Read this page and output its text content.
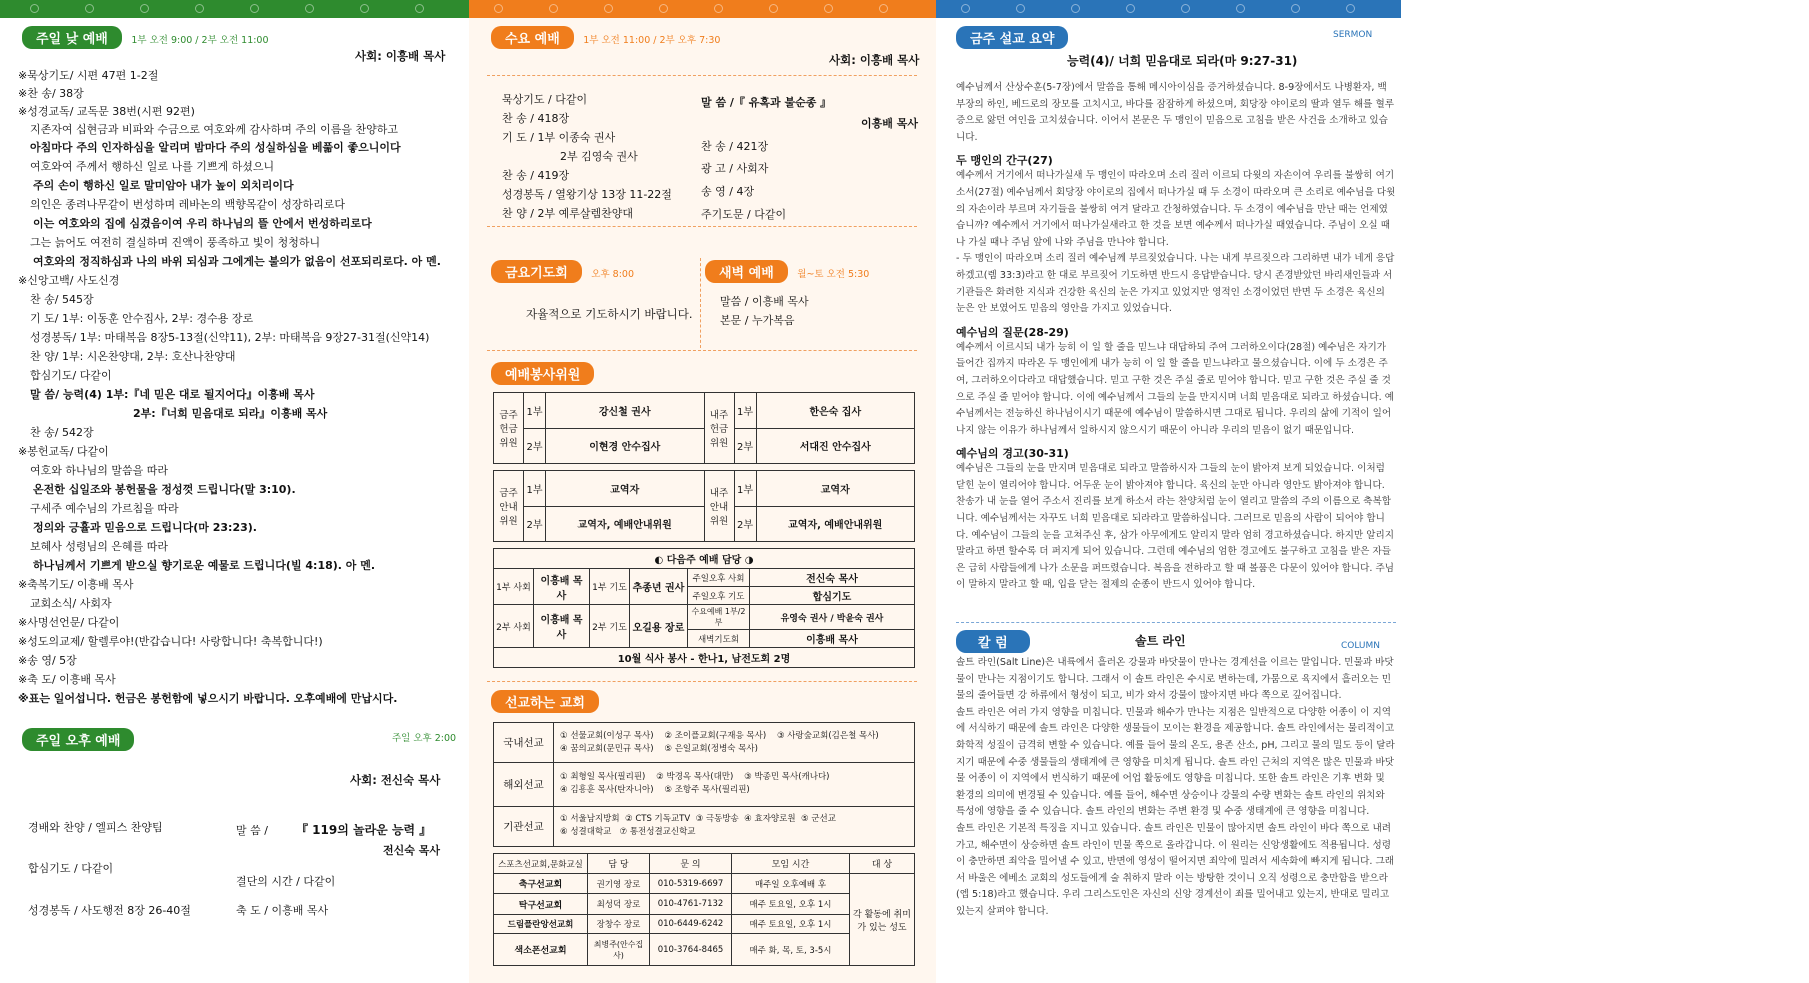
주일 낮 예배 1부 오전 9:00 / 2부 오전 11:00
사회: 이흥배 목사
※묵상기도/ 시편 47편 1-2절
※찬 송/ 38장
※성경교독/ 교독문 38번(시편 92편)
지존자여 십현금과 비파와 수금으로 여호와께 감사하며 주의 이름을 찬양하고
아침마다 주의 인자하심을 알리며 밤마다 주의 성실하심을 베풂이 좋으니이다
여호와여 주께서 행하신 일로 나를 기쁘게 하셨으니
주의 손이 행하신 일로 말미암아 내가 높이 외치리이다
의인은 종려나무같이 번성하며 레바논의 백향목같이 성장하리로다
이는 여호와의 집에 심겼음이여 우리 하나님의 뜰 안에서 번성하리로다
그는 늙어도 여전히 결실하며 진액이 풍족하고 빛이 청청하니
여호와의 정직하심과 나의 바위 되심과 그에게는 불의가 없음이 선포되리로다. 아 멘.
※신앙고백/ 사도신경
찬 송/ 545장
기 도/ 1부: 이동훈 안수집사, 2부: 경수용 장로
성경봉독/ 1부: 마태복음 8장5-13절(신약11), 2부: 마태복음 9장27-31절(신약14)
찬 양/ 1부: 시온찬양대, 2부: 호산나찬양대
합심기도/ 다같이
말 씀/ 능력(4) 1부:『네 믿은 대로 될지어다』이흥배 목사
2부:『너희 믿음대로 되라』이흥배 목사
찬 송/ 542장
※봉헌교독/ 다같이
여호와 하나님의 말씀을 따라
온전한 십일조와 봉헌물을 정성껏 드립니다(말 3:10).
구세주 예수님의 가르침을 따라
정의와 긍휼과 믿음으로 드립니다(마 23:23).
보혜사 성령님의 은혜를 따라
하나님께서 기쁘게 받으실 향기로운 예물로 드립니다(빌 4:18). 아 멘.
※축복기도/ 이흥배 목사
교회소식/ 사회자
※사명선언문/ 다같이
※성도의교제/ 할렐루야!(반갑습니다! 사랑합니다! 축복합니다!)
※송 영/ 5장
※축 도/ 이흥배 목사
※표는 일어섭니다. 헌금은 봉헌함에 넣으시기 바랍니다. 오후예배에 만납시다.
주일 오후 예배	주일 오후 2:00
사회: 전신숙 목사
경배와 찬양 / 엘피스 찬양팀	말 씀 / 『 119의 놀라운 능력 』
전신숙 목사
합심기도 / 다같이
결단의 시간 / 다같이
성경봉독 / 사도행전 8장 26-40절	축 도 / 이흥배 목사
수요 예배 1부 오전 11:00 / 2부 오후 7:30
사회: 이흥배 목사
묵상기도 / 다같이
찬 송 / 418장
기 도 / 1부 이종숙 권사
2부 김영숙 권사
찬 송 / 419장
성경봉독 / 열왕기상 13장 11-22절
찬 양 / 2부 예루살렘찬양대
말 씀 /『 유혹과 불순종 』
이흥배 목사
찬 송 / 421장
광 고 / 사회자
송 영 / 4장
주기도문 / 다같이
금요기도회 오후 8:00
자율적으로 기도하시기 바랍니다.
새벽 예배 월~토 오전 5:30
말씀 / 이흥배 목사
본문 / 누가복음
예배봉사위원
금주 헌금 위원	1부	강신철 권사	내주 헌금 위원	1부	한은숙 집사
	2부	이현경 안수집사		2부	서대진 안수집사
금주 안내 위원	1부	교역자	내주 안내 위원	1부	교역자
	2부	교역자, 예배안내위원		2부	교역자, 예배안내위원
◐ 다음주 예배 담당 ◑					
1부 사회	이흥배 목사	1부 기도	추종년 권사	주일오후 사회	전신숙 목사
				주일오후 기도	합심기도
2부 사회	이흥배 목사	2부 기도	오길용 장로	수요예배 1부/2부	유영숙 권사 / 박윤숙 권사
				새벽기도회	이흥배 목사
10월 식사 봉사 - 한나1, 남전도회 2명					
선교하는 교회
국내선교	① 선물교회(이성구 목사) ② 조이플교회(구재응 목사) ③ 사랑숲교회(김은철 목사)
④ 꿈의교회(문민규 목사) ⑤ 은일교회(정병숙 목사)
해외선교	① 최형일 목사(필리핀) ② 박경옥 목사(대만) ③ 박종민 목사(캐나다)
④ 김흥훈 목사(탄자니아) ⑤ 조항주 목사(필리핀)
기관선교	① 서울남지방회 ② CTS 기독교TV ③ 극동방송 ④ 효자양로원 ⑤ 군선교
⑥ 성결대학교 ⑦ 통전성결교신학교
스포츠선교회,문화교실	담 당	문 의	모임 시간	대 상
축구선교회	권기영 장로	010-5319-6697	매주일 오후예배 후	각 활동에 취미가 있는 성도
탁구선교회	최성덕 장로	010-4761-7132	매주 토요일, 오후 1시	
드림플란앙선교회	장창수 장로	010-6449-6242	매주 토요일, 오후 1시	
색소폰선교회	최병주(안수집사)	010-3764-8465	매주 화, 목, 토, 3-5시	
금주 설교 요약	SERMON
능력(4)/ 너희 믿음대로 되라(마 9:27-31)

예수님께서 산상수훈(5-7장)에서 말씀을 통해 메시아이심을 증거하셨습니다. 8-9장에서도 나병환자, 백부장의 하인, 베드로의 장모를 고치시고, 바다를 잠잠하게 하셨으며, 회당장 야이로의 딸과 열두 해를 혈루증으로 앓던 여인을 고치셨습니다. 이어서 본문은 두 맹인이 믿음으로 고침을 받은 사건을 소개하고 있습니다.

두 맹인의 간구(27)

예수께서 거기에서 떠나가실새 두 맹인이 따라오며 소리 질러 이르되 다윗의 자손이여 우리를 불쌍히 여기소서(27절) 예수님께서 회당장 야이로의 집에서 떠나가실 때 두 소경이 따라오며 큰 소리로 예수님을 다윗의 자손이라 부르며 자기들을 불쌍히 여겨 달라고 간청하였습니다. 두 소경이 예수님을 만난 때는 언제였습니까? 예수께서 거기에서 떠나가실새라고 한 것을 보면 예수께서 떠나가실 때였습니다. 주님이 오실 때나 가실 때나 주님 앞에 나와 주님을 만나야 합니다.
- 두 맹인이 따라오며 소리 질러 예수님께 부르짖었습니다. 나는 내게 부르짖으라 그리하면 내가 네게 응답하겠고(렘 33:3)라고 한 대로 부르짖어 기도하면 반드시 응답받습니다. 당시 존경받았던 바리새인들과 서기관들은 화려한 지식과 건강한 육신의 눈은 가지고 있었지만 영적인 소경이었던 반면 두 소경은 육신의 눈은 안 보였어도 믿음의 영안을 가지고 있었습니다.

예수님의 질문(28-29)

예수께서 이르시되 내가 능히 이 일 할 줄을 믿느냐 대답하되 주여 그러하오이다(28절) 예수님은 자기가 들어간 집까지 따라온 두 맹인에게 내가 능히 이 일 할 줄을 믿느냐라고 물으셨습니다. 이에 두 소경은 주여, 그러하오이다라고 대답했습니다. 믿고 구한 것은 주실 줄로 믿어야 합니다. 믿고 구한 것은 주실 줄 것으로 주실 줄 믿어야 합니다. 이에 예수님께서 그들의 눈을 만지시며 너희 믿음대로 되라고 하셨습니다. 예수님께서는 전능하신 하나님이시기 때문에 예수님이 말씀하시면 그대로 됩니다. 우리의 삶에 기적이 일어나지 않는 이유가 하나님께서 일하시지 않으시기 때문이 아니라 우리의 믿음이 없기 때문입니다.

예수님의 경고(30-31)

예수님은 그들의 눈을 만지며 믿음대로 되라고 말씀하시자 그들의 눈이 밝아져 보게 되었습니다. 이처럼 닫힌 눈이 열리어야 합니다. 어두운 눈이 밝아져야 합니다. 육신의 눈만 아니라 영안도 밝아져야 합니다. 찬송가 내 눈을 열어 주소서 진리를 보게 하소서 라는 찬양처럼 눈이 열리고 말씀의 주의 이름으로 축복합니다. 예수님께서는 자꾸도 너희 믿음대로 되라라고 말씀하십니다. 그러므로 믿음의 사람이 되어야 합니다. 예수님이 그들의 눈을 고쳐주신 후, 삼가 아무에게도 알리지 말라 엄히 경고하셨습니다. 하지만 알리지 말라고 하면 할수록 더 퍼지게 되어 있습니다. 그런데 예수님의 엄한 경고에도 불구하고 고침을 받은 자들은 급히 사람들에게 나가 소문을 퍼뜨렸습니다. 복음을 전하라고 할 때 볼품은 다문이 있어야 합니다. 주님이 말하지 말라고 할 때, 입을 닫는 절제의 순종이 반드시 있어야 합니다.

칼 럼	COLUMN
솔트 라인

솔트 라인(Salt Line)은 내륙에서 흘러온 강물과 바닷물이 만나는 경계선을 이르는 말입니다. 민물과 바닷물이 만나는 지점이기도 합니다. 그래서 이 솔트 라인은 수시로 변하는데, 가뭄으로 육지에서 흘러오는 민물의 줄어들면 강 하류에서 형성이 되고, 비가 와서 강물이 많아지면 바다 쪽으로 깊어집니다.

솔트 라인은 여러 가지 영향을 미칩니다. 민물과 해수가 만나는 지점은 일반적으로 다양한 어종이 이 지역에 서식하기 때문에 솔트 라인은 다양한 생물들이 모이는 환경을 제공합니다. 솔트 라인에서는 물리적이고 화학적 성질이 급격히 변할 수 있습니다. 예를 들어 물의 온도, 용존 산소, pH, 그리고 물의 밀도 등이 달라지기 때문에 수중 생물들의 생태계에 큰 영향을 미치게 됩니다. 솔트 라인 근처의 지역은 많은 민물과 바닷물 어종이 이 지역에서 번식하기 때문에 어업 활동에도 영향을 미칩니다. 또한 솔트 라인은 기후 변화 및 환경의 의미에 변경될 수 있습니다. 예를 들어, 해수면 상승이나 강물의 수량 변화는 솔트 라인의 위치와 특성에 영향을 줄 수 있습니다. 솔트 라인의 변화는 주변 환경 및 수중 생태계에 큰 영향을 미칩니다.

솔트 라인은 기본적 특징을 지니고 있습니다. 솔트 라인은 민물이 많아지면 솔트 라인이 바다 쪽으로 내려가고, 해수면이 상승하면 솔트 라인이 민물 쪽으로 올라갑니다. 이 원리는 신앙생활에도 적용됩니다. 성령이 충만하면 죄악을 밀어낼 수 있고, 반면에 영성이 떨어지면 죄악에 밀려서 세속화에 빠지게 됩니다. 그래서 바울은 에베소 교회의 성도들에게 술 취하지 말라 이는 방탕한 것이니 오직 성령으로 충만함을 받으라(엡 5:18)라고 했습니다. 우리 그리스도인은 자신의 신앙 경계선이 죄를 밀어내고 있는지, 반대로 밀리고 있는지 살펴야 합니다.
